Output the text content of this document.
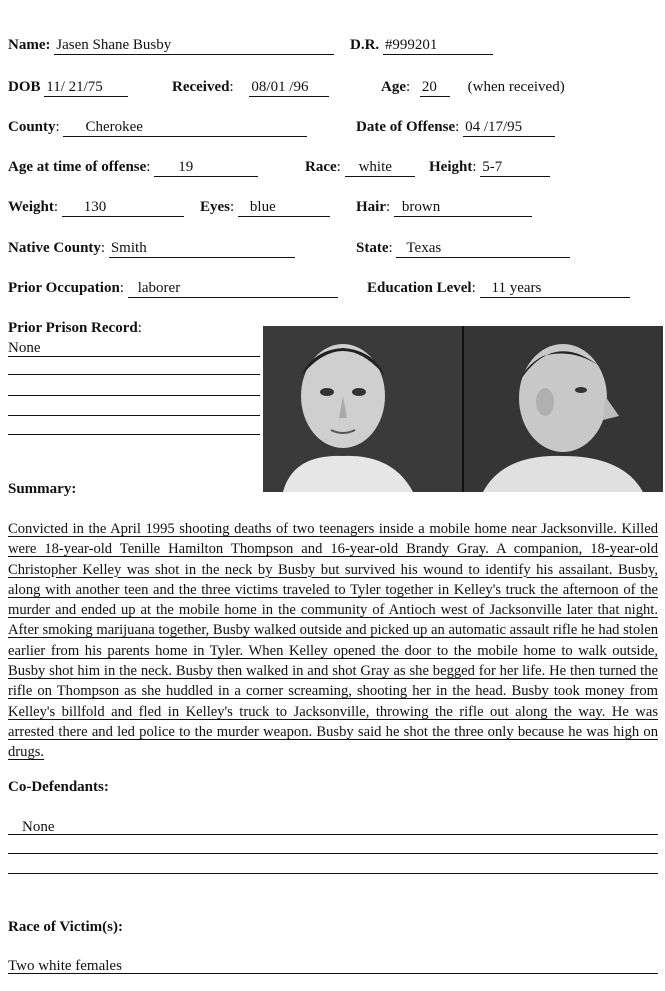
Name: Jasen Shane Busby	D.R. #999201
DOB 11/ 21/75	Received: 08/01 /96	Age: 20 (when received)
County: Cherokee	Date of Offense: 04 /17/95
Age at time of offense: 19	Race: white	Height: 5-7
Weight: 130	Eyes: blue	Hair: brown
Native County: Smith	State: Texas
Prior Occupation: laborer	Education Level: 11 years
Prior Prison Record:
None
Summary:

Convicted in the April 1995 shooting deaths of two teenagers inside a mobile home near Jacksonville. Killed were 18-year-old Tenille Hamilton Thompson and 16-year-old Brandy Gray. A companion, 18-year-old Christopher Kelley was shot in the neck by Busby but survived his wound to identify his assailant. Busby, along with another teen and the three victims traveled to Tyler together in Kelley's truck the afternoon of the murder and ended up at the mobile home in the community of Antioch west of Jacksonville later that night. After smoking marijuana together, Busby walked outside and picked up an automatic assault rifle he had stolen earlier from his parents home in Tyler. When Kelley opened the door to the mobile home to walk outside, Busby shot him in the neck. Busby then walked in and shot Gray as she begged for her life. He then turned the rifle on Thompson as she huddled in a corner screaming, shooting her in the head. Busby took money from Kelley's billfold and fled in Kelley's truck to Jacksonville, throwing the rifle out along the way. He was arrested there and led police to the murder weapon. Busby said he shot the three only because he was high on drugs.

Co-Defendants:
None
Race of Victim(s):
Two white females
